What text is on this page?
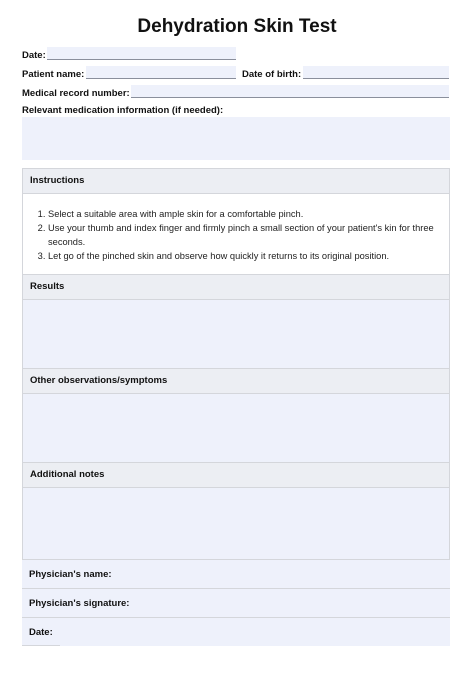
Dehydration Skin Test
Date:
Patient name:	Date of birth:
Medical record number:
Relevant medication information (if needed):
Instructions
1. Select a suitable area with ample skin for a comfortable pinch.
2. Use your thumb and index finger and firmly pinch a small section of your patient's kin for three seconds.
3. Let go of the pinched skin and observe how quickly it returns to its original position.
Results
Other observations/symptoms
Additional notes
Physician's name:
Physician's signature:
Date:
